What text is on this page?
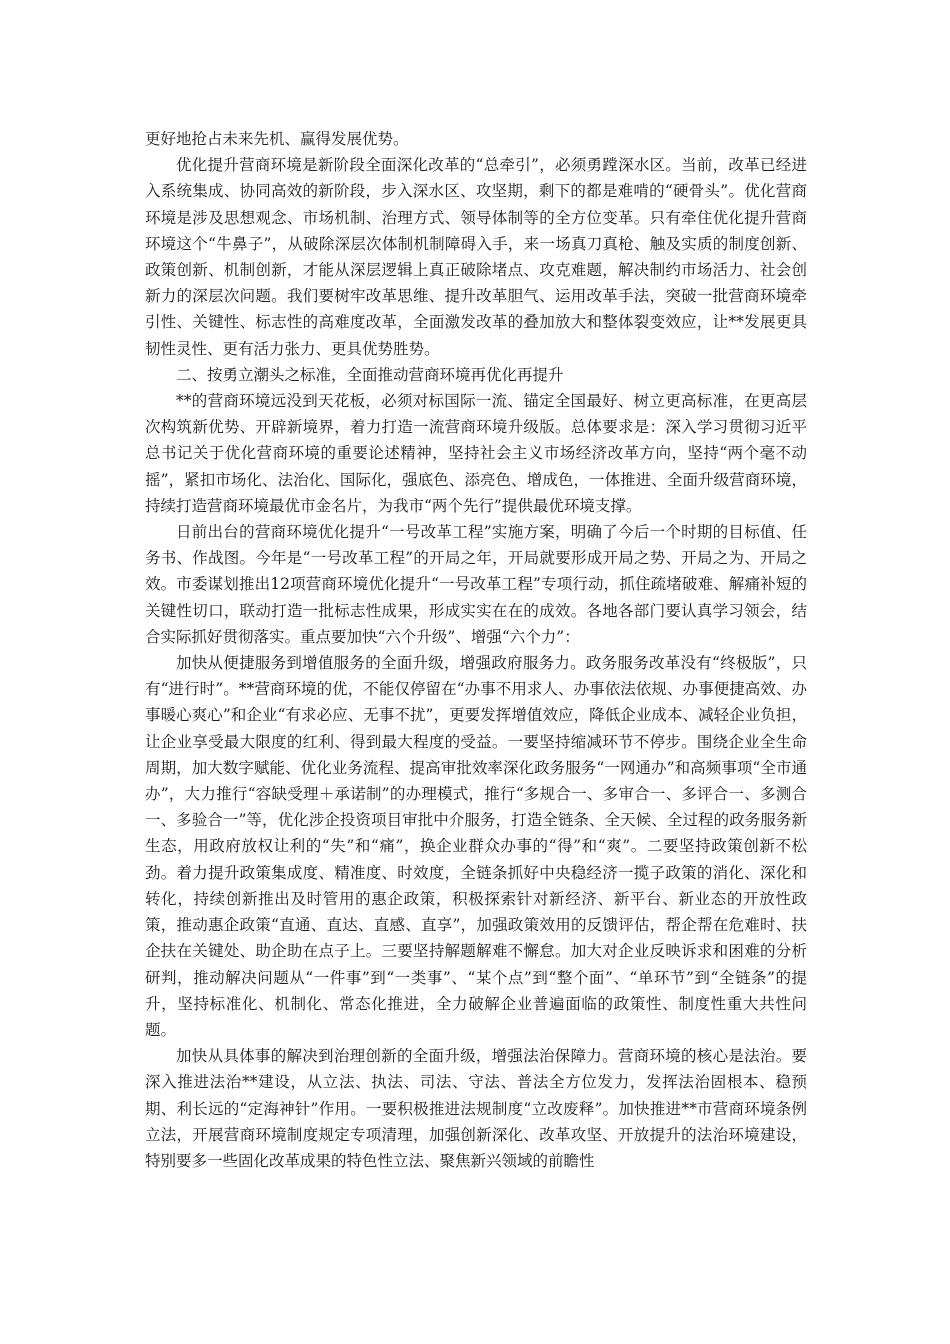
更好地抢占未来先机、赢得发展优势。

优化提升营商环境是新阶段全面深化改革的“总牵引”，必须勇蹚深水区。当前，改革已经进入系统集成、协同高效的新阶段，步入深水区、攻坚期，剩下的都是难啃的“硬骨头”。优化营商环境是涉及思想观念、市场机制、治理方式、领导体制等的全方位变革。只有牵住优化提升营商环境这个“牛鼻子”，从破除深层次体制机制障碍入手，来一场真刀真枪、触及实质的制度创新、政策创新、机制创新，才能从深层逻辑上真正破除堵点、攻克难题，解决制约市场活力、社会创新力的深层次问题。我们要树牢改革思维、提升改革胆气、运用改革手法，突破一批营商环境牵引性、关键性、标志性的高难度改革，全面激发改革的叠加放大和整体裂变效应，让**发展更具韧性灵性、更有活力张力、更具优势胜势。

二、按勇立潮头之标准，全面推动营商环境再优化再提升

**的营商环境远没到天花板，必须对标国际一流、锚定全国最好、树立更高标准，在更高层次构筑新优势、开辟新境界，着力打造一流营商环境升级版。总体要求是：深入学习贯彻习近平总书记关于优化营商环境的重要论述精神，坚持社会主义市场经济改革方向，坚持“两个毫不动摇”，紧扣市场化、法治化、国际化，强底色、添亮色、增成色，一体推进、全面升级营商环境，持续打造营商环境最优市金名片，为我市“两个先行”提供最优环境支撑。

日前出台的营商环境优化提升“一号改革工程”实施方案，明确了今后一个时期的目标值、任务书、作战图。今年是“一号改革工程”的开局之年，开局就要形成开局之势、开局之为、开局之效。市委谋划推出12项营商环境优化提升“一号改革工程”专项行动，抓住疏堵破难、解痛补短的关键性切口，联动打造一批标志性成果，形成实实在在的成效。各地各部门要认真学习领会，结合实际抓好贯彻落实。重点要加快“六个升级”、增强“六个力”：

加快从便捷服务到增值服务的全面升级，增强政府服务力。政务服务改革没有“终极版”，只有“进行时”。**营商环境的优，不能仅停留在“办事不用求人、办事依法依规、办事便捷高效、办事暖心爽心”和企业“有求必应、无事不扰”，更要发挥增值效应，降低企业成本、减轻企业负担，让企业享受最大限度的红利、得到最大程度的受益。一要坚持缩减环节不停步。围绕企业全生命周期，加大数字赋能、优化业务流程、提高审批效率深化政务服务“一网通办”和高频事项“全市通办”，大力推行“容缺受理＋承诺制”的办理模式，推行“多规合一、多审合一、多评合一、多测合一、多验合一”等，优化涉企投资项目审批中介服务，打造全链条、全天候、全过程的政务服务新生态，用政府放权让利的“失”和“痛”，换企业群众办事的“得”和“爽”。二要坚持政策创新不松劲。着力提升政策集成度、精准度、时效度，全链条抓好中央稳经济一揽子政策的消化、深化和转化，持续创新推出及时管用的惠企政策，积极探索针对新经济、新平台、新业态的开放性政策，推动惠企政策“直通、直达、直感、直享”，加强政策效用的反馈评估，帮企帮在危难时、扶企扶在关键处、助企助在点子上。三要坚持解题解难不懈怠。加大对企业反映诉求和困难的分析研判，推动解决问题从“一件事”到“一类事”、“某个点”到“整个面”、“单环节”到“全链条”的提升，坚持标准化、机制化、常态化推进，全力破解企业普遍面临的政策性、制度性重大共性问题。

加快从具体事的解决到治理创新的全面升级，增强法治保障力。营商环境的核心是法治。要深入推进法治**建设，从立法、执法、司法、守法、普法全方位发力，发挥法治固根本、稳预期、利长远的“定海神针”作用。一要积极推进法规制度“立改废释”。加快推进**市营商环境条例立法，开展营商环境制度规定专项清理，加强创新深化、改革攻坚、开放提升的法治环境建设，特别要多一些固化改革成果的特色性立法、聚焦新兴领域的前瞻性
